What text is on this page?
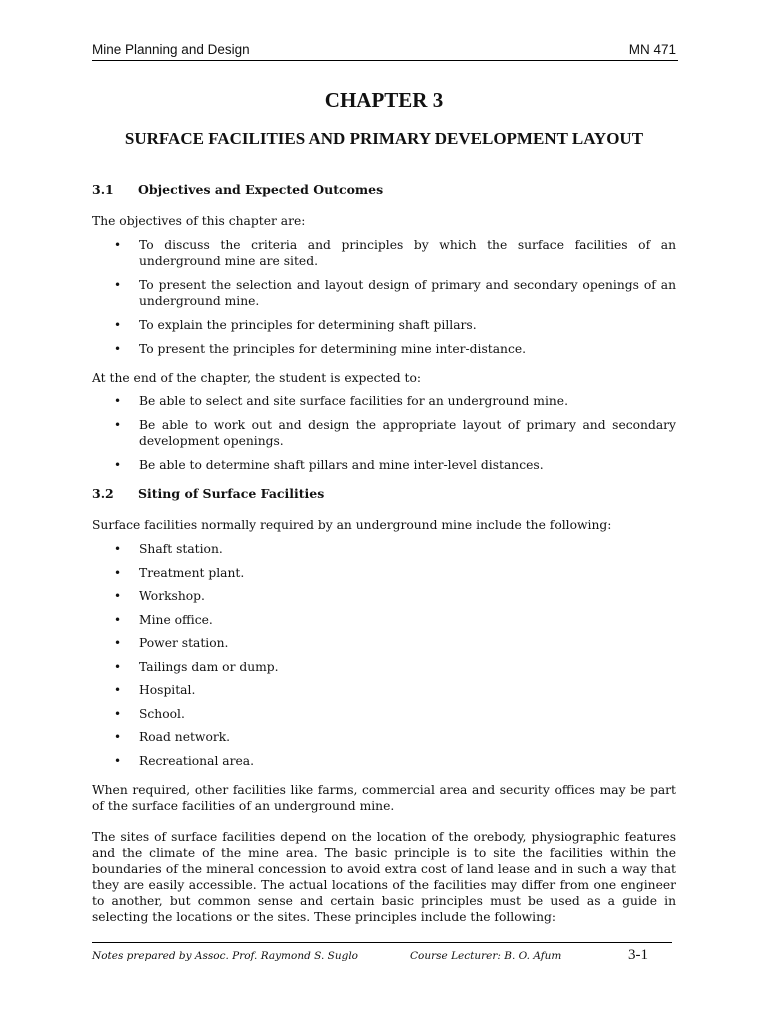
Mine Planning and Design	MN 471
CHAPTER 3
SURFACE FACILITIES AND PRIMARY DEVELOPMENT LAYOUT
3.1 Objectives and Expected Outcomes
The objectives of this chapter are:
• To discuss the criteria and principles by which the surface facilities of an underground mine are sited.
• To present the selection and layout design of primary and secondary openings of an underground mine.
• To explain the principles for determining shaft pillars.
• To present the principles for determining mine inter-distance.
At the end of the chapter, the student is expected to:
• Be able to select and site surface facilities for an underground mine.
• Be able to work out and design the appropriate layout of primary and secondary development openings.
• Be able to determine shaft pillars and mine inter-level distances.
3.2 Siting of Surface Facilities
Surface facilities normally required by an underground mine include the following:
• Shaft station.
• Treatment plant.
• Workshop.
• Mine office.
• Power station.
• Tailings dam or dump.
• Hospital.
• School.
• Road network.
• Recreational area.
When required, other facilities like farms, commercial area and security offices may be part of the surface facilities of an underground mine.
The sites of surface facilities depend on the location of the orebody, physiographic features and the climate of the mine area. The basic principle is to site the facilities within the boundaries of the mineral concession to avoid extra cost of land lease and in such a way that they are easily accessible. The actual locations of the facilities may differ from one engineer to another, but common sense and certain basic principles must be used as a guide in selecting the locations or the sites. These principles include the following:
Notes prepared by Assoc. Prof. Raymond S. Suglo	Course Lecturer: B. O. Afum	3-1
